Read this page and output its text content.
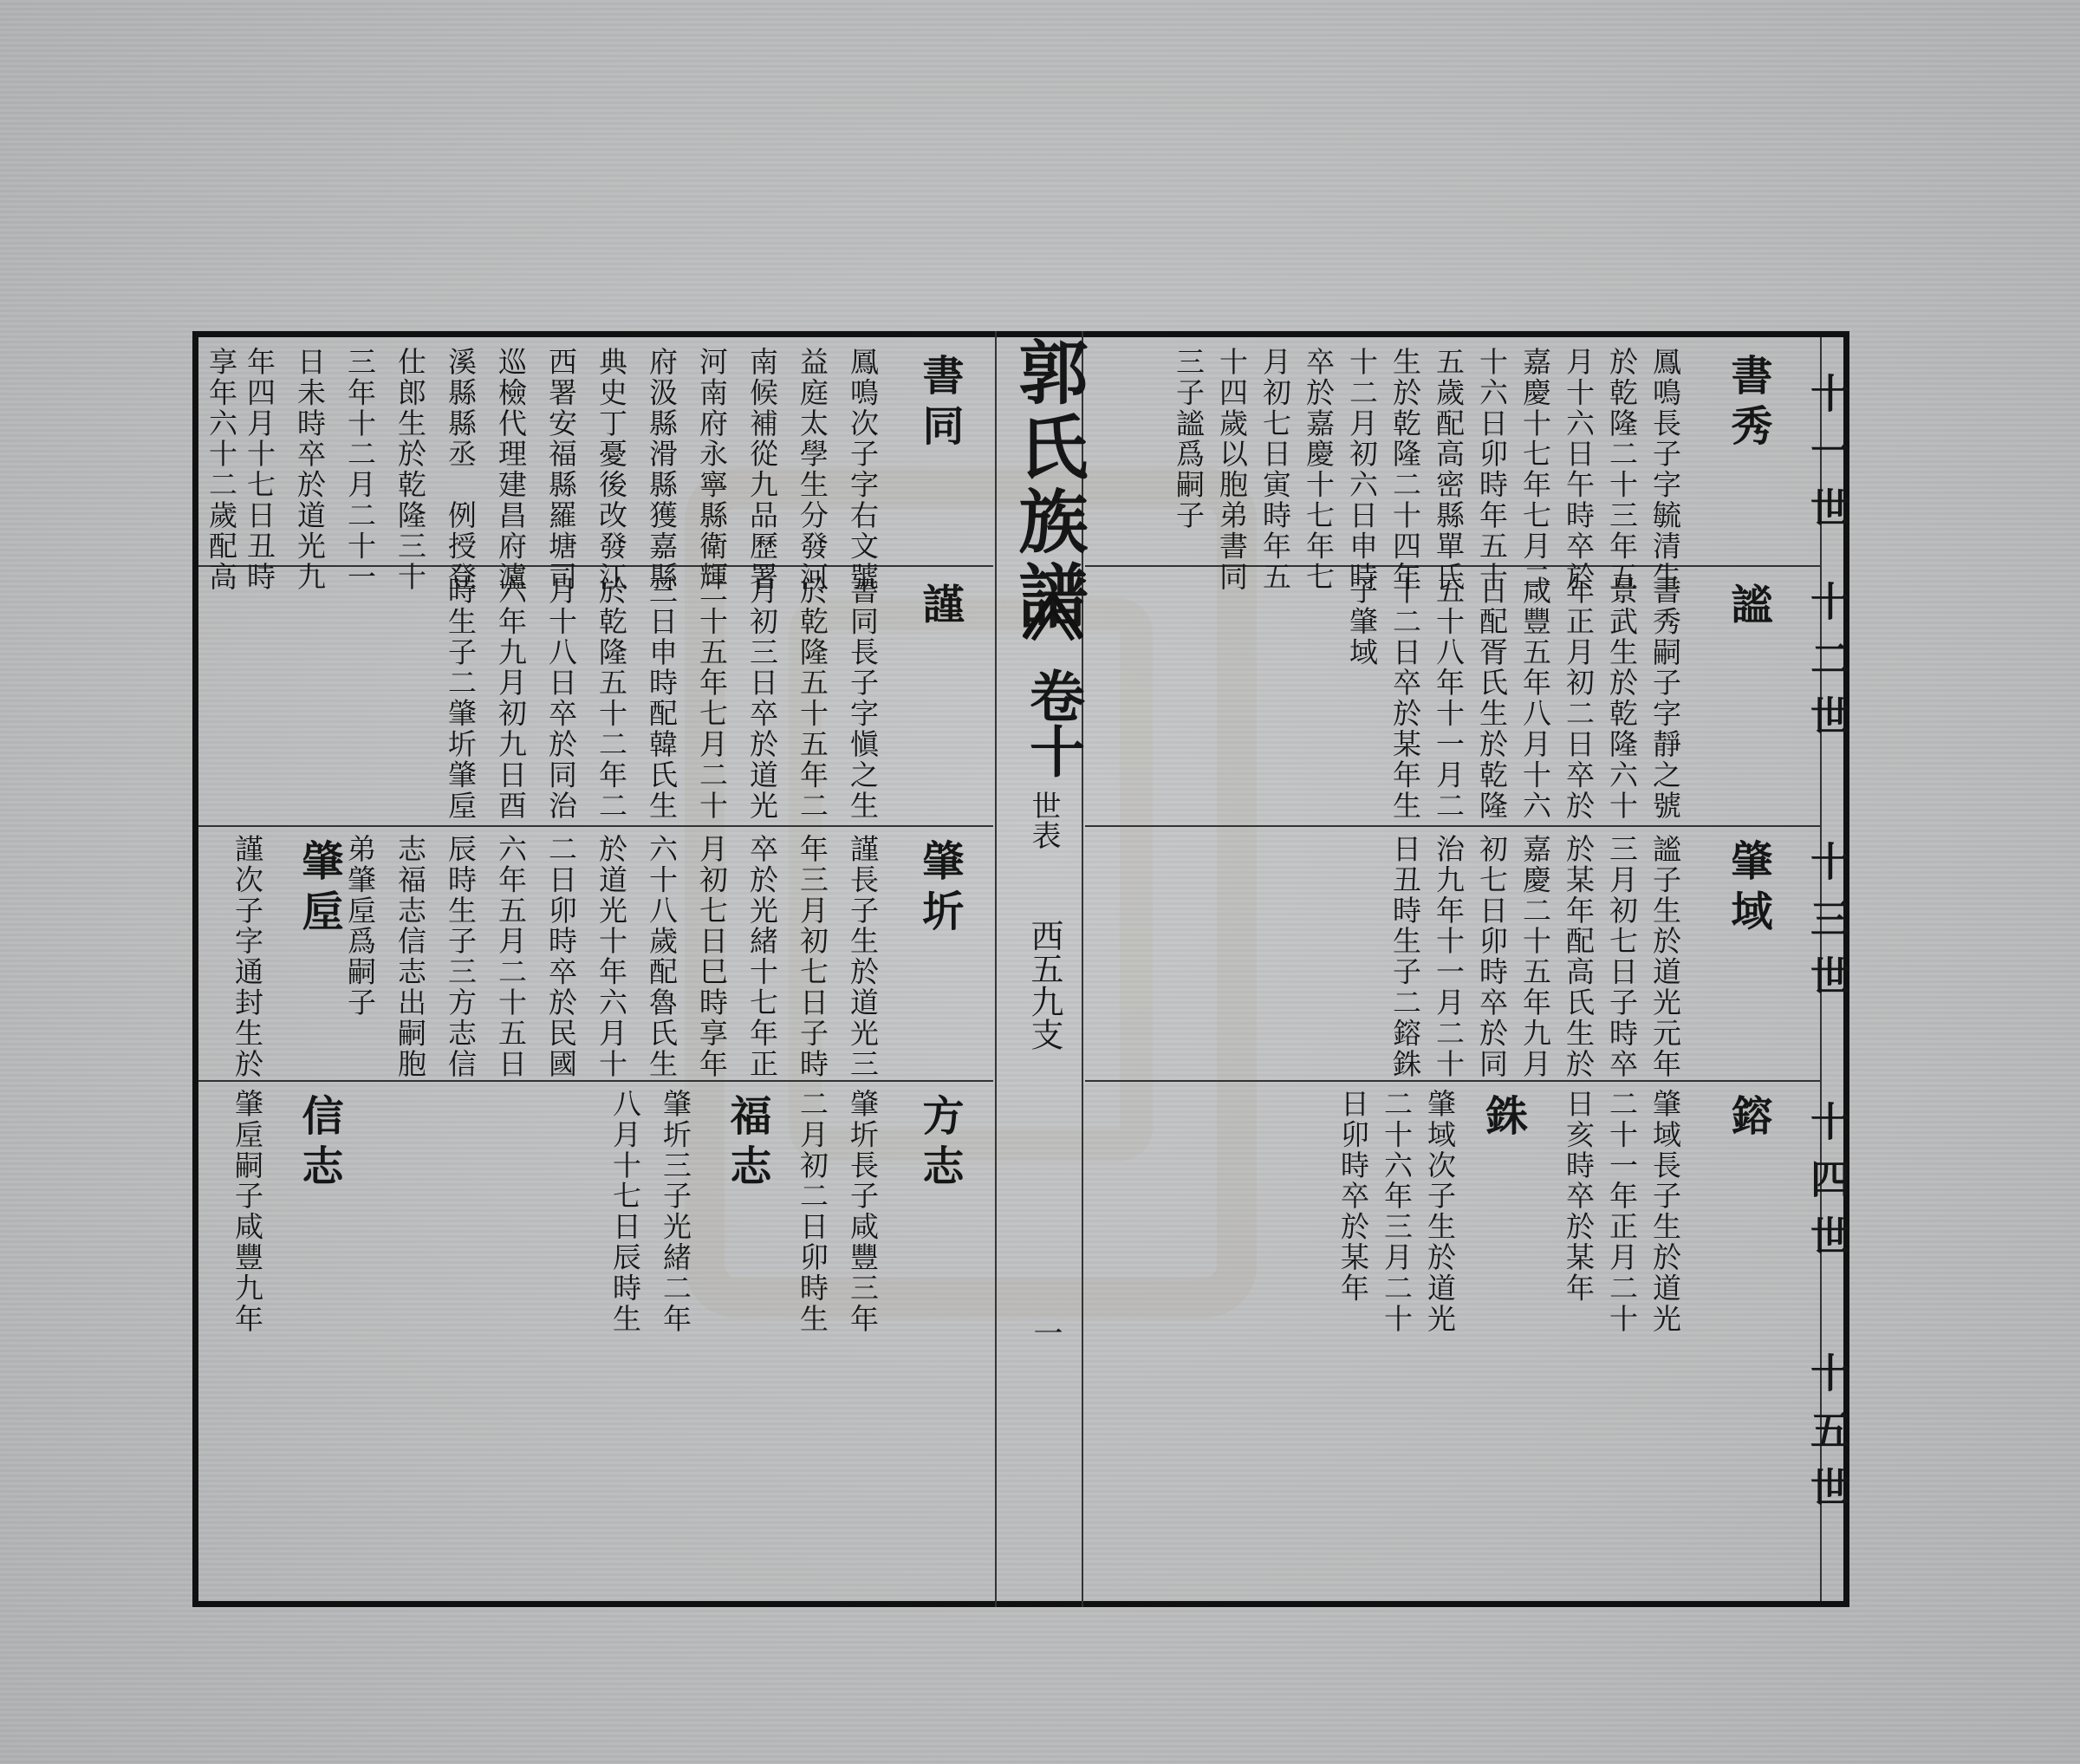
十一世
十二世
十三世
十四世
十五世
郭氏族譜
卷十
世表
西五九支
一
書秀
鳳鳴長子字毓清生
於乾隆二十三年五
月十六日午時卒於
嘉慶十七年七月二
十六日卯時年五十
五歲配高密縣單氏
生於乾隆二十四年
十二月初六日申時
卒於嘉慶十七年七
月初七日寅時年五
十四歲以胞弟書同
三子謐爲嗣子
謐
書秀嗣子字靜之號
景武生於乾隆六十
年正月初二日卒於
咸豐五年八月十六
日配胥氏生於乾隆
五十八年十一月二
十二日卒於某年生
子肇域
肇域
謐子生於道光元年
三月初七日子時卒
於某年配高氏生於
嘉慶二十五年九月
初七日卯時卒於同
治九年十一月二十
日丑時生子二鎔銖
鎔
肇域長子生於道光
二十一年正月二十
日亥時卒於某年
銖
肇域次子生於道光
二十六年三月二十
日卯時卒於某年
書同
鳳鳴次子字右文號
益庭太學生分發河
南候補從九品歷署
河南府永寧縣衛輝
府汲縣滑縣獲嘉縣
典史丁憂後改發江
西署安福縣羅塘司
巡檢代理建昌府瀘
溪縣縣丞　例授登
仕郎生於乾隆三十
三年十二月二十一
日未時卒於道光九
年四月十七日丑時
享年六十二歲配高
謹
書同長子字愼之生
於乾隆五十五年二
月初三日卒於道光
二十五年七月二十
三日申時配韓氏生
於乾隆五十二年二
月十八日卒於同治
六年九月初九日酉
時生子二肇圻肇垕
肇圻
謹長子生於道光三
年三月初七日子時
卒於光緒十七年正
月初七日巳時享年
六十八歲配魯氏生
於道光十年六月十
二日卯時卒於民國
六年五月二十五日
辰時生子三方志信
志福志信志出嗣胞
弟肇垕爲嗣子
肇垕
謹次子字通封生於
方志
肇圻長子咸豐三年
二月初二日卯時生
福志
肇圻三子光緒二年
八月十七日辰時生
信志
肇垕嗣子咸豐九年
